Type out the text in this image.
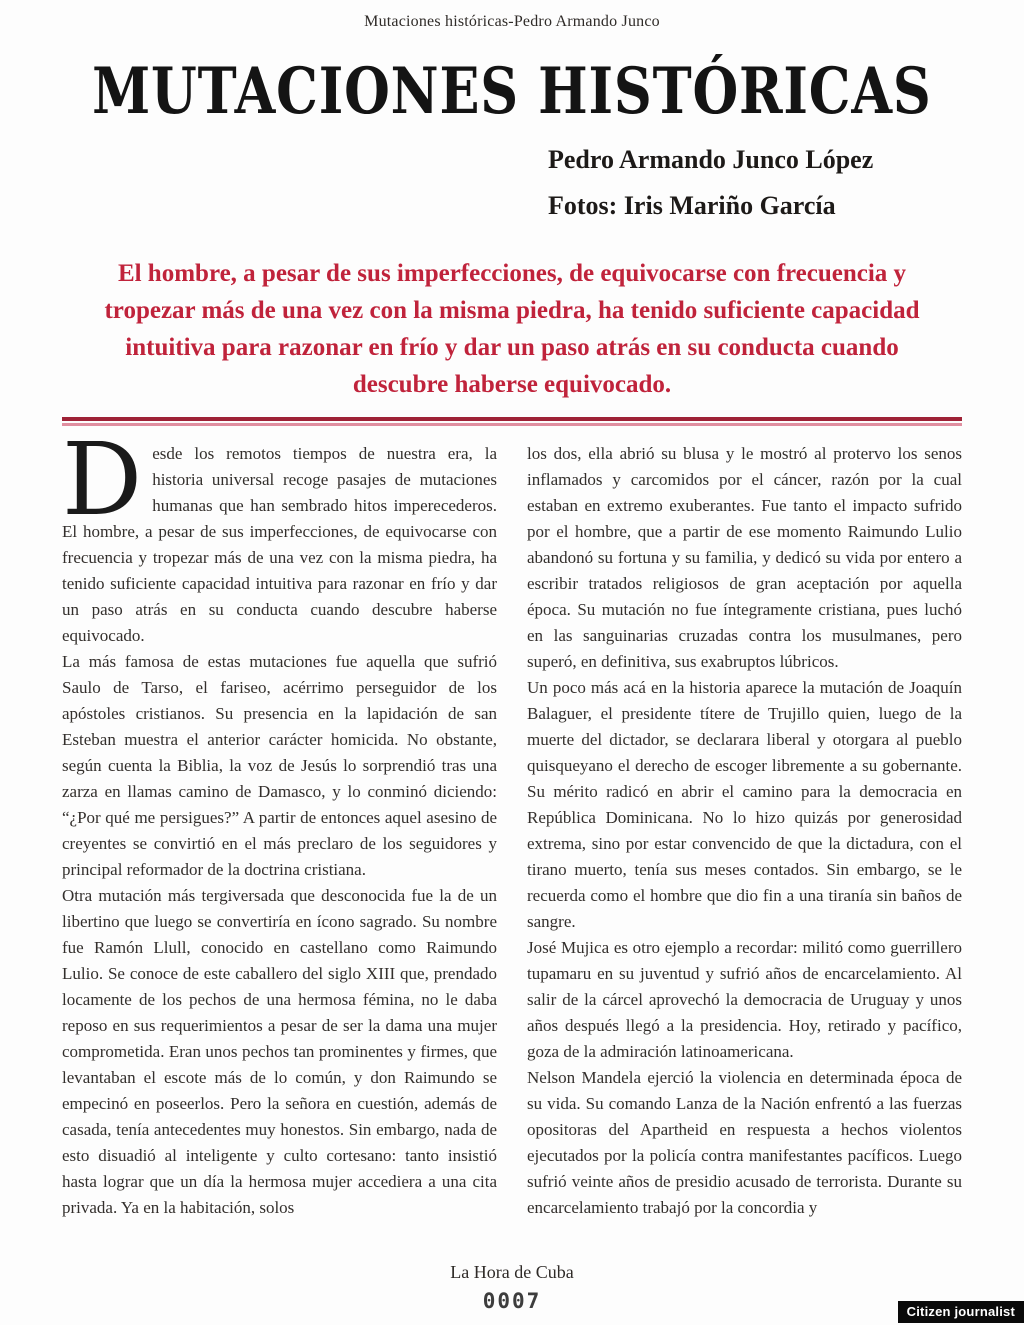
Mutaciones históricas-Pedro Armando Junco
MUTACIONES HISTÓRICAS
Pedro Armando Junco López
Fotos: Iris Mariño García
El hombre, a pesar de sus imperfecciones, de equivocarse con frecuencia y tropezar más de una vez con la misma piedra, ha tenido suficiente capacidad intuitiva para razonar en frío y dar un paso atrás en su conducta cuando descubre haberse equivocado.

Desde los remotos tiempos de nuestra era, la historia universal recoge pasajes de mutaciones humanas que han sembrado hitos imperecederos. El hombre, a pesar de sus imperfecciones, de equivocarse con frecuencia y tropezar más de una vez con la misma piedra, ha tenido suficiente capacidad intuitiva para razonar en frío y dar un paso atrás en su conducta cuando descubre haberse equivocado.

La más famosa de estas mutaciones fue aquella que sufrió Saulo de Tarso, el fariseo, acérrimo perseguidor de los apóstoles cristianos. Su presencia en la lapidación de san Esteban muestra el anterior carácter homicida. No obstante, según cuenta la Biblia, la voz de Jesús lo sorprendió tras una zarza en llamas camino de Damasco, y lo conminó diciendo: “¿Por qué me persigues?” A partir de entonces aquel asesino de creyentes se convirtió en el más preclaro de los seguidores y principal reformador de la doctrina cristiana.

Otra mutación más tergiversada que desconocida fue la de un libertino que luego se convertiría en ícono sagrado. Su nombre fue Ramón Llull, conocido en castellano como Raimundo Lulio. Se conoce de este caballero del siglo XIII que, prendado locamente de los pechos de una hermosa fémina, no le daba reposo en sus requerimientos a pesar de ser la dama una mujer comprometida. Eran unos pechos tan prominentes y firmes, que levantaban el escote más de lo común, y don Raimundo se empecinó en poseerlos. Pero la señora en cuestión, además de casada, tenía antecedentes muy honestos. Sin embargo, nada de esto disuadió al inteligente y culto cortesano: tanto insistió hasta lograr que un día la hermosa mujer accediera a una cita privada. Ya en la habitación, solos

los dos, ella abrió su blusa y le mostró al protervo los senos inflamados y carcomidos por el cáncer, razón por la cual estaban en extremo exuberantes. Fue tanto el impacto sufrido por el hombre, que a partir de ese momento Raimundo Lulio abandonó su fortuna y su familia, y dedicó su vida por entero a escribir tratados religiosos de gran aceptación por aquella época. Su mutación no fue íntegramente cristiana, pues luchó en las sanguinarias cruzadas contra los musulmanes, pero superó, en definitiva, sus exabruptos lúbricos.

Un poco más acá en la historia aparece la mutación de Joaquín Balaguer, el presidente títere de Trujillo quien, luego de la muerte del dictador, se declarara liberal y otorgara al pueblo quisqueyano el derecho de escoger libremente a su gobernante. Su mérito radicó en abrir el camino para la democracia en República Dominicana. No lo hizo quizás por generosidad extrema, sino por estar convencido de que la dictadura, con el tirano muerto, tenía sus meses contados. Sin embargo, se le recuerda como el hombre que dio fin a una tiranía sin baños de sangre.

José Mujica es otro ejemplo a recordar: militó como guerrillero tupamaru en su juventud y sufrió años de encarcelamiento. Al salir de la cárcel aprovechó la democracia de Uruguay y unos años después llegó a la presidencia. Hoy, retirado y pacífico, goza de la admiración latinoamericana.

Nelson Mandela ejerció la violencia en determinada época de su vida. Su comando Lanza de la Nación enfrentó a las fuerzas opositoras del Apartheid en respuesta a hechos violentos ejecutados por la policía contra manifestantes pacíficos. Luego sufrió veinte años de presidio acusado de terrorista. Durante su encarcelamiento trabajó por la concordia y

La Hora de Cuba
0007	Citizen journalist
